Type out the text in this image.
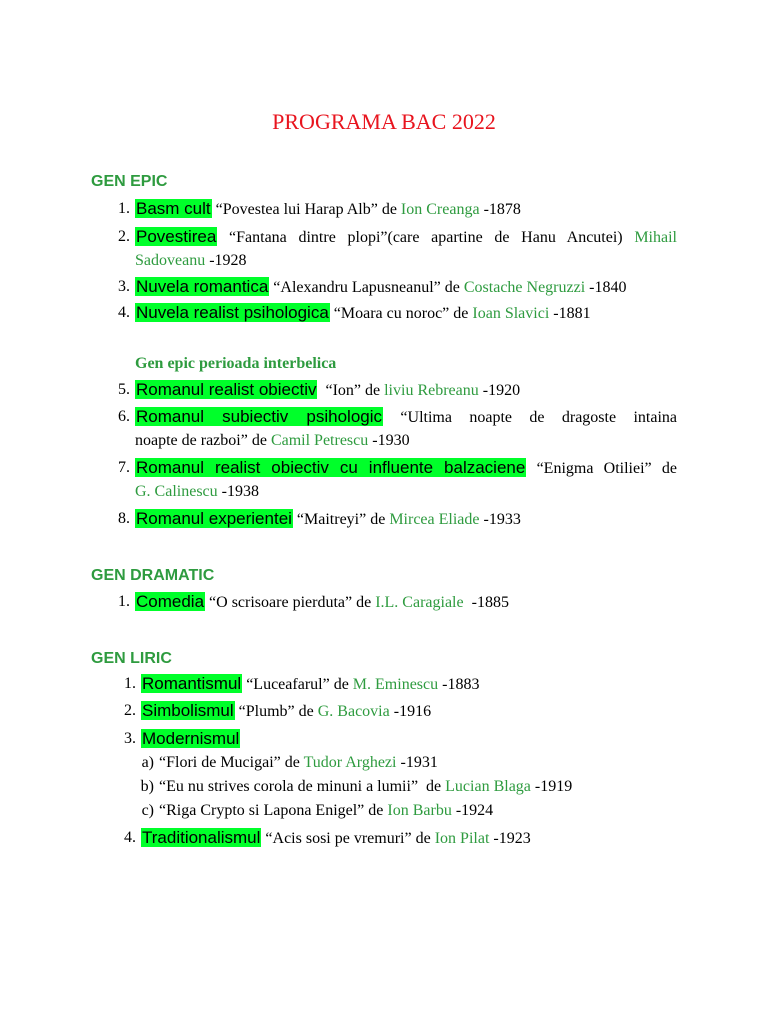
PROGRAMA BAC 2022
GEN EPIC
1. Basm cult “Povestea lui Harap Alb” de Ion Creanga -1878
2. Povestirea “Fantana dintre plopi”(care apartine de Hanu Ancutei) Mihail
Sadoveanu -1928
3. Nuvela romantica “Alexandru Lapusneanul” de Costache Negruzzi -1840
4. Nuvela realist psihologica “Moara cu noroc” de Ioan Slavici -1881
Gen epic perioada interbelica
5. Romanul realist obiectiv “Ion” de liviu Rebreanu -1920
6. Romanul subiectiv psihologic “Ultima noapte de dragoste intaina
noapte de razboi” de Camil Petrescu -1930
7. Romanul realist obiectiv cu influente balzaciene “Enigma Otiliei” de
G. Calinescu -1938
8. Romanul experientei “Maitreyi” de Mircea Eliade -1933
GEN DRAMATIC
1. Comedia “O scrisoare pierduta” de I.L. Caragiale -1885
GEN LIRIC
1. Romantismul “Luceafarul” de M. Eminescu -1883
2. Simbolismul “Plumb” de G. Bacovia -1916
3. Modernismul
a) “Flori de Mucigai” de Tudor Arghezi -1931
b) “Eu nu strives corola de minuni a lumii” de Lucian Blaga -1919
c) “Riga Crypto si Lapona Enigel” de Ion Barbu -1924
4. Traditionalismul “Acis sosi pe vremuri” de Ion Pilat -1923
